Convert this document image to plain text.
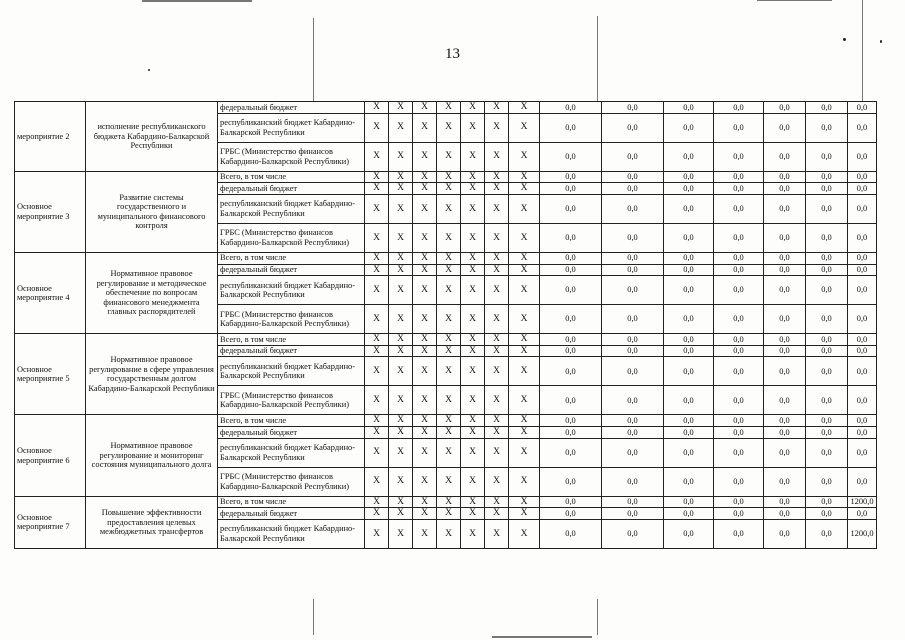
13
мероприятие 2	исполнение республиканского бюджета Кабардино-Балкарской Республики	федеральный бюджет	X	X	X	X	X	X	X	0,0	0,0	0,0	0,0	0,0	0,0	0,0
		республиканский бюджет Кабардино-Балкарской Республики	X	X	X	X	X	X	X	0,0	0,0	0,0	0,0	0,0	0,0	0,0
		ГРБС (Министерство финансов Кабардино-Балкарской Республики)	X	X	X	X	X	X	X	0,0	0,0	0,0	0,0	0,0	0,0	0,0
Основное мероприятие 3	Развитие системы государственного и муниципального финансового контроля	Всего, в том числе	X	X	X	X	X	X	X	0,0	0,0	0,0	0,0	0,0	0,0	0,0
		федеральный бюджет	X	X	X	X	X	X	X	0,0	0,0	0,0	0,0	0,0	0,0	0,0
		республиканский бюджет Кабардино-Балкарской Республики	X	X	X	X	X	X	X	0,0	0,0	0,0	0,0	0,0	0,0	0,0
		ГРБС (Министерство финансов Кабардино-Балкарской Республики)	X	X	X	X	X	X	X	0,0	0,0	0,0	0,0	0,0	0,0	0,0
Основное мероприятие 4	Нормативное правовое регулирование и методическое обеспечение по вопросам финансового менеджмента главных распорядителей	Всего, в том числе	X	X	X	X	X	X	X	0,0	0,0	0,0	0,0	0,0	0,0	0,0
		федеральный бюджет	X	X	X	X	X	X	X	0,0	0,0	0,0	0,0	0,0	0,0	0,0
		республиканский бюджет Кабардино-Балкарской Республики	X	X	X	X	X	X	X	0,0	0,0	0,0	0,0	0,0	0,0	0,0
		ГРБС (Министерство финансов Кабардино-Балкарской Республики)	X	X	X	X	X	X	X	0,0	0,0	0,0	0,0	0,0	0,0	0,0
Основное мероприятие 5	Нормативное правовое регулирование в сфере управления государственным долгом Кабардино-Балкарской Республики	Всего, в том числе	X	X	X	X	X	X	X	0,0	0,0	0,0	0,0	0,0	0,0	0,0
		федеральный бюджет	X	X	X	X	X	X	X	0,0	0,0	0,0	0,0	0,0	0,0	0,0
		республиканский бюджет Кабардино-Балкарской Республики	X	X	X	X	X	X	X	0,0	0,0	0,0	0,0	0,0	0,0	0,0
		ГРБС (Министерство финансов Кабардино-Балкарской Республики)	X	X	X	X	X	X	X	0,0	0,0	0,0	0,0	0,0	0,0	0,0
Основное мероприятие 6	Нормативное правовое регулирование и мониторинг состояния муниципального долга	Всего, в том числе	X	X	X	X	X	X	X	0,0	0,0	0,0	0,0	0,0	0,0	0,0
		федеральный бюджет	X	X	X	X	X	X	X	0,0	0,0	0,0	0,0	0,0	0,0	0,0
		республиканский бюджет Кабардино-Балкарской Республики	X	X	X	X	X	X	X	0,0	0,0	0,0	0,0	0,0	0,0	0,0
		ГРБС (Министерство финансов Кабардино-Балкарской Республики)	X	X	X	X	X	X	X	0,0	0,0	0,0	0,0	0,0	0,0	0,0
Основное мероприятие 7	Повышение эффективности предоставления целевых межбюджетных трансфертов	Всего, в том числе	X	X	X	X	X	X	X	0,0	0,0	0,0	0,0	0,0	0,0	1200,0
		федеральный бюджет	X	X	X	X	X	X	X	0,0	0,0	0,0	0,0	0,0	0,0	0,0
		республиканский бюджет Кабардино-Балкарской Республики	X	X	X	X	X	X	X	0,0	0,0	0,0	0,0	0,0	0,0	1200,0
